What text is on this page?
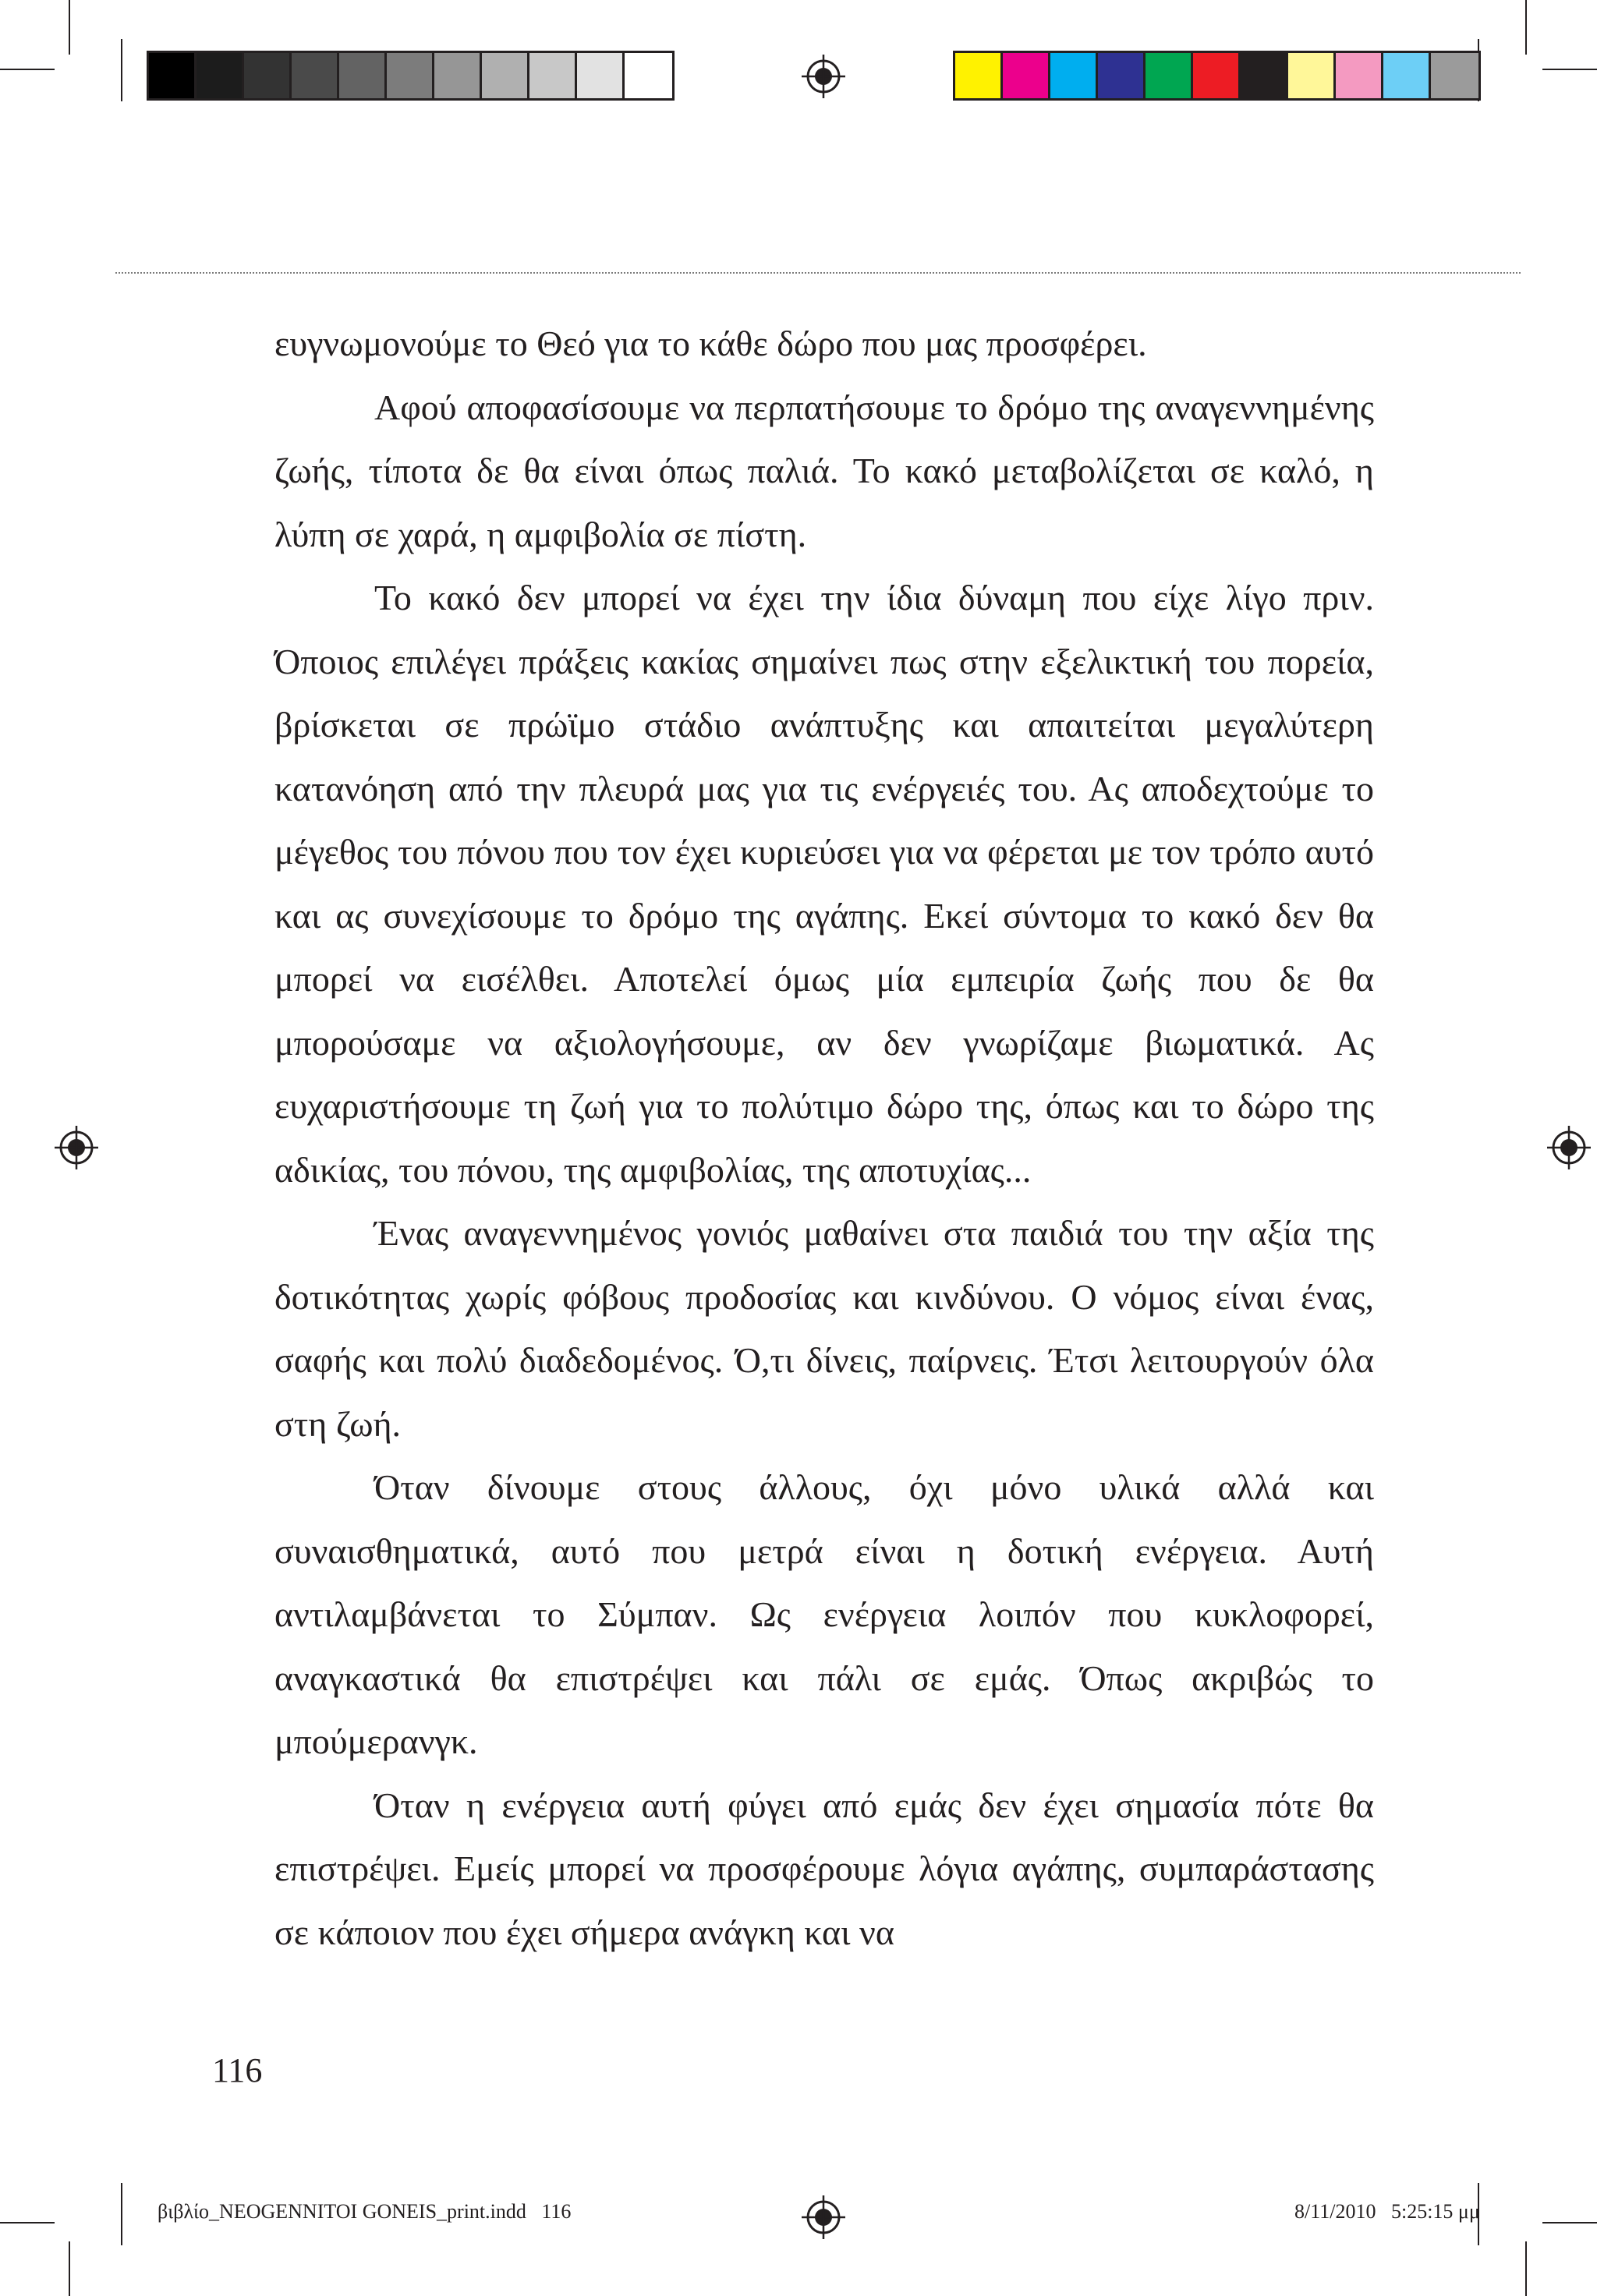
ευγνωμονούμε το Θεό για το κάθε δώρο που μας προσφέρει.

Αφού αποφασίσουμε να περπατήσουμε το δρόμο της αναγεννημένης ζωής, τίποτα δε θα είναι όπως παλιά. Το κακό μεταβολίζεται σε καλό, η λύπη σε χαρά, η αμφιβολία σε πίστη.

Το κακό δεν μπορεί να έχει την ίδια δύναμη που είχε λίγο πριν. Όποιος επιλέγει πράξεις κακίας σημαίνει πως στην εξελικτική του πορεία, βρίσκεται σε πρώϊμο στάδιο ανάπτυξης και απαιτείται μεγαλύτερη κατανόηση από την πλευρά μας για τις ενέργειές του. Ας αποδεχτούμε το μέγεθος του πόνου που τον έχει κυριεύσει για να φέρεται με τον τρόπο αυτό και ας συνεχίσουμε το δρόμο της αγάπης. Εκεί σύντομα το κακό δεν θα μπορεί να εισέλθει. Αποτελεί όμως μία εμπειρία ζωής που δε θα μπορούσαμε να αξιολογήσουμε, αν δεν γνωρίζαμε βιωματικά. Ας ευχαριστήσουμε τη ζωή για το πολύτιμο δώρο της, όπως και το δώρο της αδικίας, του πόνου, της αμφιβολίας, της αποτυχίας...

Ένας αναγεννημένος γονιός μαθαίνει στα παιδιά του την αξία της δοτικότητας χωρίς φόβους προδοσίας και κινδύνου. Ο νόμος είναι ένας, σαφής και πολύ διαδεδομένος. Ό,τι δίνεις, παίρνεις. Έτσι λειτουργούν όλα στη ζωή.

Όταν δίνουμε στους άλλους, όχι μόνο υλικά αλλά και συναισθηματικά, αυτό που μετρά είναι η δοτική ενέργεια. Αυτή αντιλαμβάνεται το Σύμπαν. Ως ενέργεια λοιπόν που κυκλοφορεί, αναγκαστικά θα επιστρέψει και πάλι σε εμάς. Όπως ακριβώς το μπούμερανγκ.

Όταν η ενέργεια αυτή φύγει από εμάς δεν έχει σημασία πότε θα επιστρέψει. Εμείς μπορεί να προσφέρουμε λόγια αγάπης, συμπαράστασης σε κάποιον που έχει σήμερα ανάγκη και να

116
βιβλίο_NEOGENNITOI GONEIS_print.indd   116	8/11/2010   5:25:15 μμ
